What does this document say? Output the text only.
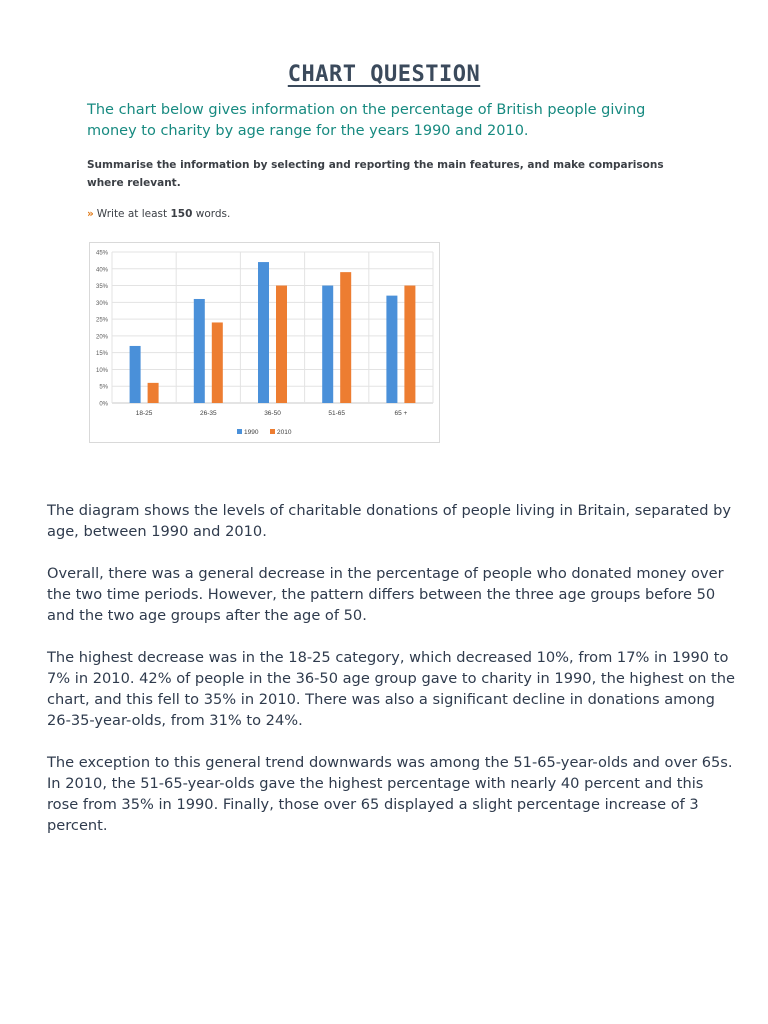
CHART QUESTION
The chart below gives information on the percentage of British people giving money to charity by age range for the years 1990 and 2010.
Summarise the information by selecting and reporting the main features, and make comparisons where relevant.
» Write at least 150 words.
0%
5%
10%
15%
20%
25%
30%
35%
40%
45%
18-25	26-35	36-50	51-65	65 +
1990	2010

The diagram shows the levels of charitable donations of people living in Britain, separated by age, between 1990 and 2010.

Overall, there was a general decrease in the percentage of people who donated money over the two time periods. However, the pattern differs between the three age groups before 50 and the two age groups after the age of 50.

The highest decrease was in the 18-25 category, which decreased 10%, from 17% in 1990 to 7% in 2010. 42% of people in the 36-50 age group gave to charity in 1990, the highest on the chart, and this fell to 35% in 2010. There was also a significant decline in donations among 26-35-year-olds, from 31% to 24%.

The exception to this general trend downwards was among the 51-65-year-olds and over 65s. In 2010, the 51-65-year-olds gave the highest percentage with nearly 40 percent and this rose from 35% in 1990. Finally, those over 65 displayed a slight percentage increase of 3 percent.
